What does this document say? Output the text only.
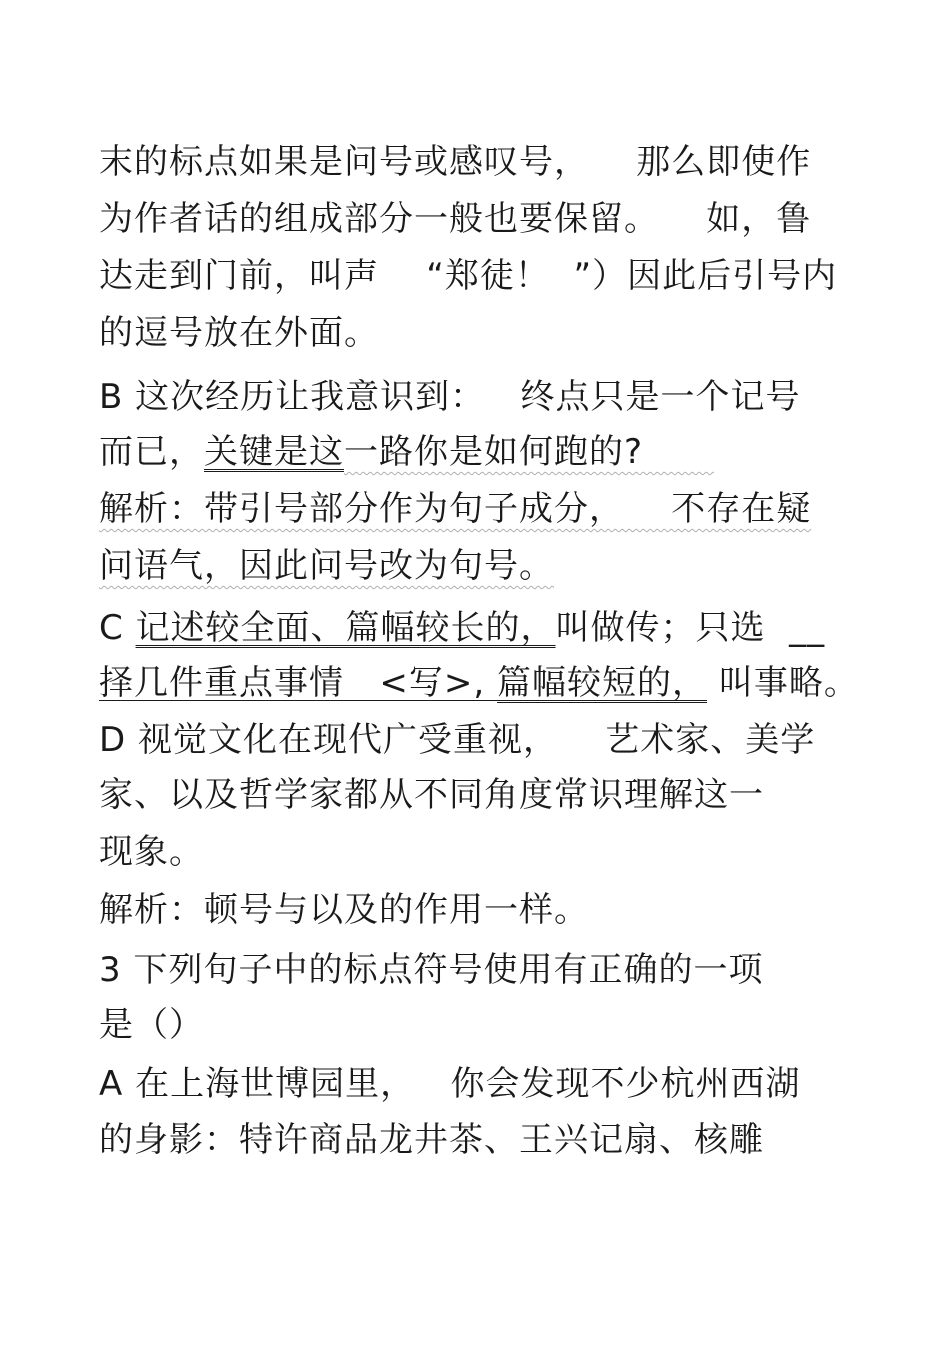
末的标点如果是问号或感叹号，    那么即使作
为作者话的组成部分一般也要保留。    如，鲁
达走到门前，叫声    “郑徒！  ”）因此后引号内
的逗号放在外面。
B 这次经历让我意识到：   终点只是一个记号
而已，关键是这一路你是如何跑的?
解析：带引号部分作为句子成分，    不存在疑
问语气，因此问号改为句号。
C 记述较全面、篇幅较长的，叫做传；只选  __
择几件重点事情   <写>, 篇幅较短的， 叫事略。
D 视觉文化在现代广受重视，    艺术家、美学
家、以及哲学家都从不同角度常识理解这一
现象。
解析：顿号与以及的作用一样。
3 下列句子中的标点符号使用有正确的一项
是（）
A 在上海世博园里，   你会发现不少杭州西湖
的身影：特许商品龙井茶、王兴记扇、核雕
